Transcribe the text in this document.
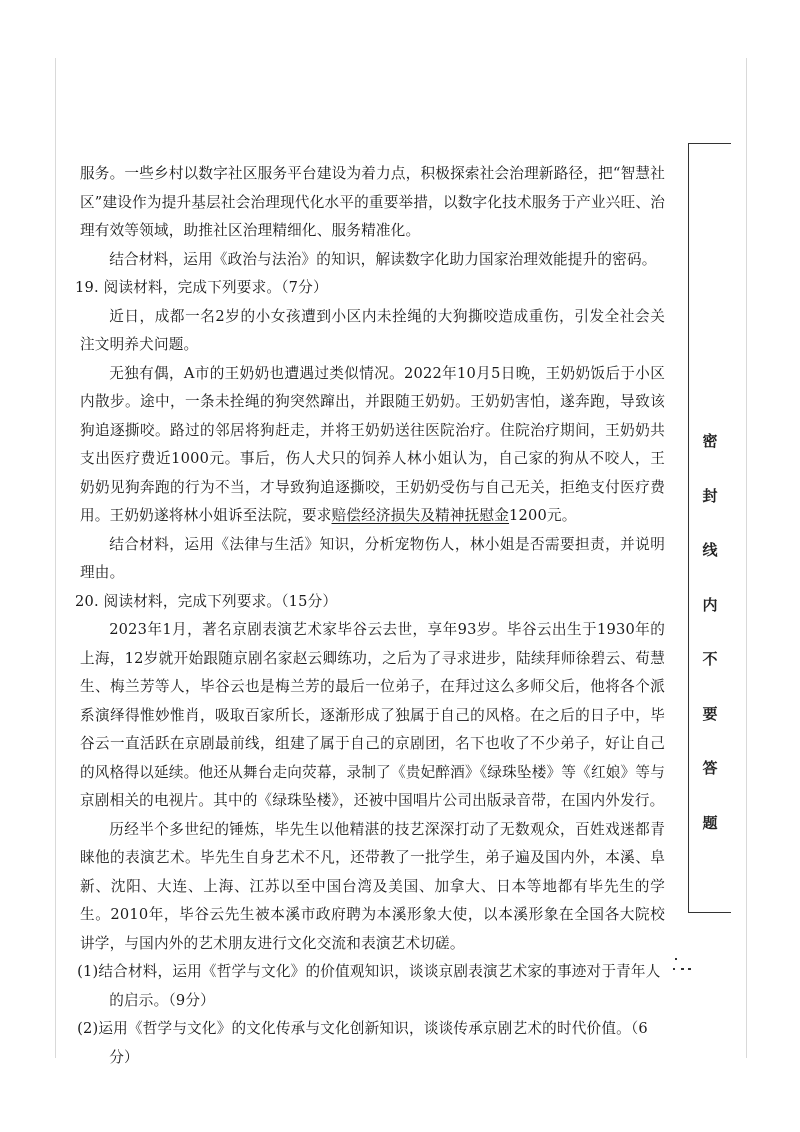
服务。一些乡村以数字社区服务平台建设为着力点，积极探索社会治理新路径，把“智慧社区”建设作为提升基层社会治理现代化水平的重要举措，以数字化技术服务于产业兴旺、治理有效等领域，助推社区治理精细化、服务精准化。

结合材料，运用《政治与法治》的知识，解读数字化助力国家治理效能提升的密码。

19. 阅读材料，完成下列要求。（7分）

近日，成都一名2岁的小女孩遭到小区内未拴绳的大狗撕咬造成重伤，引发全社会关注文明养犬问题。

无独有偶，A市的王奶奶也遭遇过类似情况。2022年10月5日晚，王奶奶饭后于小区内散步。途中，一条未拴绳的狗突然蹿出，并跟随王奶奶。王奶奶害怕，遂奔跑，导致该狗追逐撕咬。路过的邻居将狗赶走，并将王奶奶送往医院治疗。住院治疗期间，王奶奶共支出医疗费近1000元。事后，伤人犬只的饲养人林小姐认为，自己家的狗从不咬人，王奶奶见狗奔跑的行为不当，才导致狗追逐撕咬，王奶奶受伤与自己无关，拒绝支付医疗费用。王奶奶遂将林小姐诉至法院，要求赔偿经济损失及精神抚慰金1200元。

结合材料，运用《法律与生活》知识，分析宠物伤人，林小姐是否需要担责，并说明理由。

20. 阅读材料，完成下列要求。（15分）

2023年1月，著名京剧表演艺术家毕谷云去世，享年93岁。毕谷云出生于1930年的上海，12岁就开始跟随京剧名家赵云卿练功，之后为了寻求进步，陆续拜师徐碧云、荀慧生、梅兰芳等人，毕谷云也是梅兰芳的最后一位弟子，在拜过这么多师父后，他将各个派系演绎得惟妙惟肖，吸取百家所长，逐渐形成了独属于自己的风格。在之后的日子中，毕谷云一直活跃在京剧最前线，组建了属于自己的京剧团，名下也收了不少弟子，好让自己的风格得以延续。他还从舞台走向荧幕，录制了《贵妃醉酒》《绿珠坠楼》等《红娘》等与京剧相关的电视片。其中的《绿珠坠楼》，还被中国唱片公司出版录音带，在国内外发行。

历经半个多世纪的锤炼，毕先生以他精湛的技艺深深打动了无数观众，百姓戏迷都青睐他的表演艺术。毕先生自身艺术不凡，还带教了一批学生，弟子遍及国内外，本溪、阜新、沈阳、大连、上海、江苏以至中国台湾及美国、加拿大、日本等地都有毕先生的学生。2010年，毕谷云先生被本溪市政府聘为本溪形象大使，以本溪形象在全国各大院校讲学，与国内外的艺术朋友进行文化交流和表演艺术切磋。

(1)结合材料，运用《哲学与文化》的价值观知识，谈谈京剧表演艺术家的事迹对于青年人的启示。（9分）

(2)运用《哲学与文化》的文化传承与文化创新知识，谈谈传承京剧艺术的时代价值。（6分）

密
封
线
内
不
要
答
题
